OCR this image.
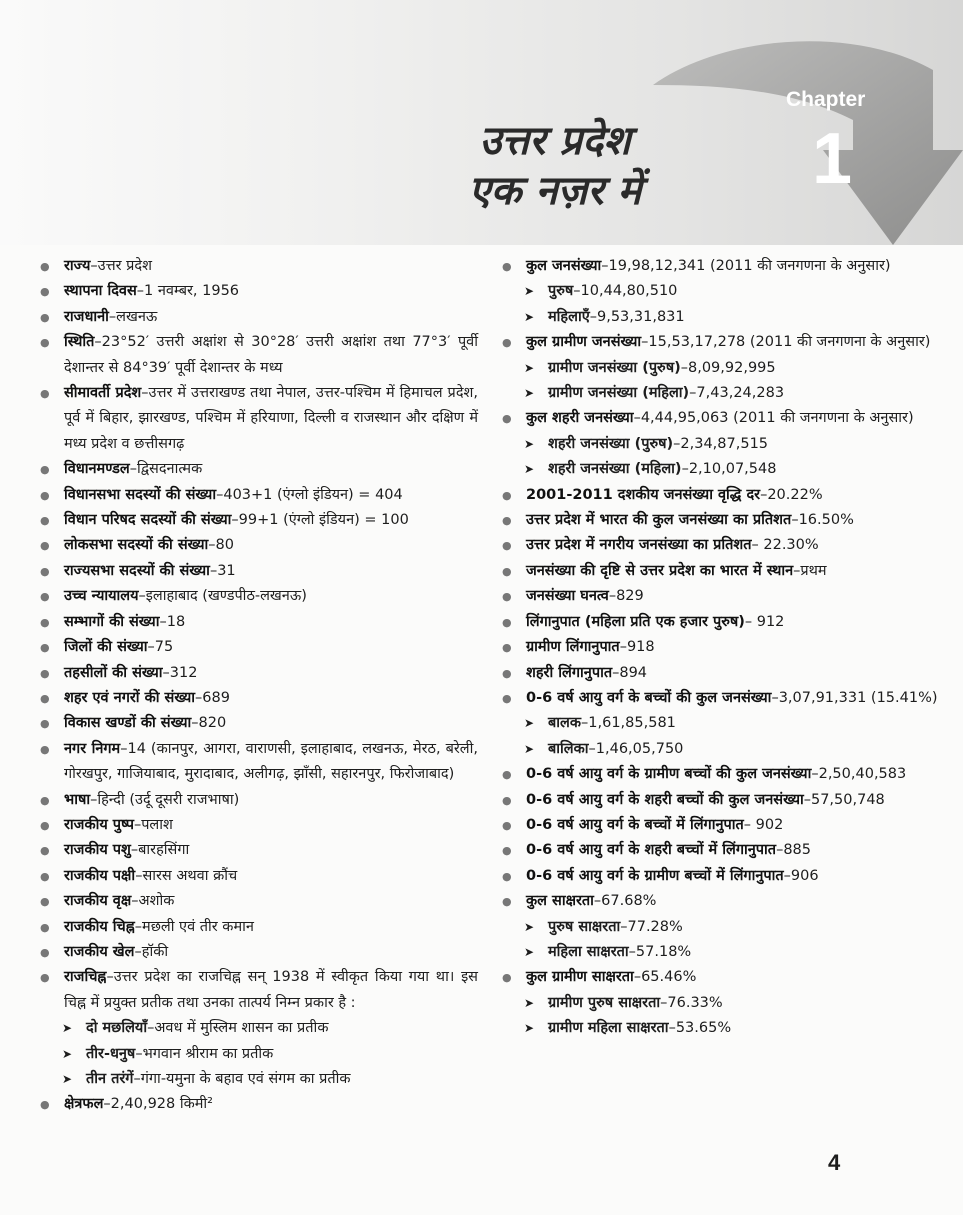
Chapter
1
उत्तर प्रदेश
एक नज़र में
● राज्य–उत्तर प्रदेश
● स्थापना दिवस–1 नवम्बर, 1956
● राजधानी–लखनऊ
● स्थिति–23°52′ उत्तरी अक्षांश से 30°28′ उत्तरी अक्षांश तथा 77°3′ पूर्वी देशान्तर से 84°39′ पूर्वी देशान्तर के मध्य
● सीमावर्ती प्रदेश–उत्तर में उत्तराखण्ड तथा नेपाल, उत्तर-पश्चिम में हिमाचल प्रदेश, पूर्व में बिहार, झारखण्ड, पश्चिम में हरियाणा, दिल्ली व राजस्थान और दक्षिण में मध्य प्रदेश व छत्तीसगढ़
● विधानमण्डल–द्विसदनात्मक
● विधानसभा सदस्यों की संख्या–403+1 (एंग्लो इंडियन) = 404
● विधान परिषद सदस्यों की संख्या–99+1 (एंग्लो इंडियन) = 100
● लोकसभा सदस्यों की संख्या–80
● राज्यसभा सदस्यों की संख्या–31
● उच्च न्यायालय–इलाहाबाद (खण्डपीठ-लखनऊ)
● सम्भागों की संख्या–18
● जिलों की संख्या–75
● तहसीलों की संख्या–312
● शहर एवं नगरों की संख्या–689
● विकास खण्डों की संख्या–820
● नगर निगम–14 (कानपुर, आगरा, वाराणसी, इलाहाबाद, लखनऊ, मेरठ, बरेली, गोरखपुर, गाजियाबाद, मुरादाबाद, अलीगढ़, झाँसी, सहारनपुर, फिरोजाबाद)
● भाषा–हिन्दी (उर्दू दूसरी राजभाषा)
● राजकीय पुष्प–पलाश
● राजकीय पशु–बारहसिंगा
● राजकीय पक्षी–सारस अथवा क्रौंच
● राजकीय वृक्ष–अशोक
● राजकीय चिह्न–मछली एवं तीर कमान
● राजकीय खेल–हॉकी
● राजचिह्न–उत्तर प्रदेश का राजचिह्न सन् 1938 में स्वीकृत किया गया था। इस चिह्न में प्रयुक्त प्रतीक तथा उनका तात्पर्य निम्न प्रकार है :
➤ दो मछलियाँ–अवध में मुस्लिम शासन का प्रतीक
➤ तीर-धनुष–भगवान श्रीराम का प्रतीक
➤ तीन तरंगें–गंगा-यमुना के बहाव एवं संगम का प्रतीक
● क्षेत्रफल–2,40,928 किमी²
● कुल जनसंख्या–19,98,12,341 (2011 की जनगणना के अनुसार)
➤ पुरुष–10,44,80,510
➤ महिलाएँ–9,53,31,831
● कुल ग्रामीण जनसंख्या–15,53,17,278 (2011 की जनगणना के अनुसार)
➤ ग्रामीण जनसंख्या (पुरुष)–8,09,92,995
➤ ग्रामीण जनसंख्या (महिला)–7,43,24,283
● कुल शहरी जनसंख्या–4,44,95,063 (2011 की जनगणना के अनुसार)
➤ शहरी जनसंख्या (पुरुष)–2,34,87,515
➤ शहरी जनसंख्या (महिला)–2,10,07,548
● 2001-2011 दशकीय जनसंख्या वृद्धि दर–20.22%
● उत्तर प्रदेश में भारत की कुल जनसंख्या का प्रतिशत–16.50%
● उत्तर प्रदेश में नगरीय जनसंख्या का प्रतिशत– 22.30%
● जनसंख्या की दृष्टि से उत्तर प्रदेश का भारत में स्थान–प्रथम
● जनसंख्या घनत्व–829
● लिंगानुपात (महिला प्रति एक हजार पुरुष)– 912
● ग्रामीण लिंगानुपात–918
● शहरी लिंगानुपात–894
● 0-6 वर्ष आयु वर्ग के बच्चों की कुल जनसंख्या–3,07,91,331 (15.41%)
➤ बालक–1,61,85,581
➤ बालिका–1,46,05,750
● 0-6 वर्ष आयु वर्ग के ग्रामीण बच्चों की कुल जनसंख्या–2,50,40,583
● 0-6 वर्ष आयु वर्ग के शहरी बच्चों की कुल जनसंख्या–57,50,748
● 0-6 वर्ष आयु वर्ग के बच्चों में लिंगानुपात– 902
● 0-6 वर्ष आयु वर्ग के शहरी बच्चों में लिंगानुपात–885
● 0-6 वर्ष आयु वर्ग के ग्रामीण बच्चों में लिंगानुपात–906
● कुल साक्षरता–67.68%
➤ पुरुष साक्षरता–77.28%
➤ महिला साक्षरता–57.18%
● कुल ग्रामीण साक्षरता–65.46%
➤ ग्रामीण पुरुष साक्षरता–76.33%
➤ ग्रामीण महिला साक्षरता–53.65%
4
